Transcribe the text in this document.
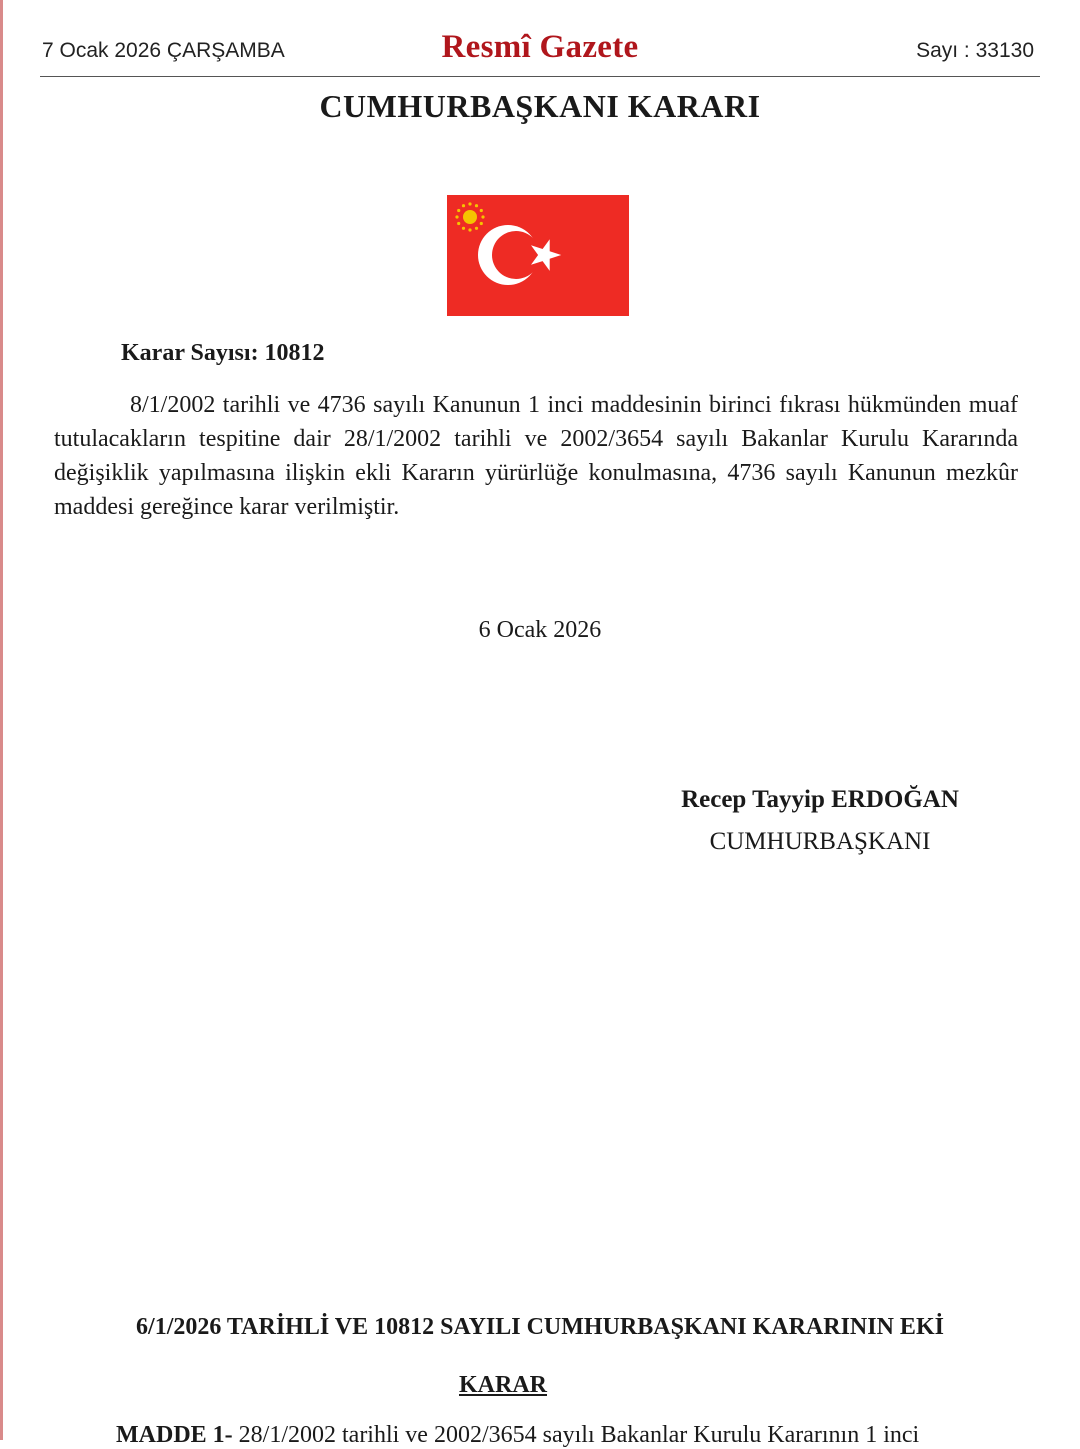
7 Ocak 2026 ÇARŞAMBA	Resmî Gazete	Sayı : 33130
CUMHURBAŞKANI KARARI
Karar Sayısı: 10812

8/1/2002 tarihli ve 4736 sayılı Kanunun 1 inci maddesinin birinci fıkrası hükmünden muaf tutulacakların tespitine dair 28/1/2002 tarihli ve 2002/3654 sayılı Bakanlar Kurulu Kararında değişiklik yapılmasına ilişkin ekli Kararın yürürlüğe konulmasına, 4736 sayılı Kanunun mezkûr maddesi gereğince karar verilmiştir.

6 Ocak 2026
Recep Tayyip ERDOĞAN
CUMHURBAŞKANI
6/1/2026 TARİHLİ VE 10812 SAYILI CUMHURBAŞKANI KARARININ EKİ
KARAR
MADDE 1- 28/1/2002 tarihli ve 2002/3654 sayılı Bakanlar Kurulu Kararının 1 inci
